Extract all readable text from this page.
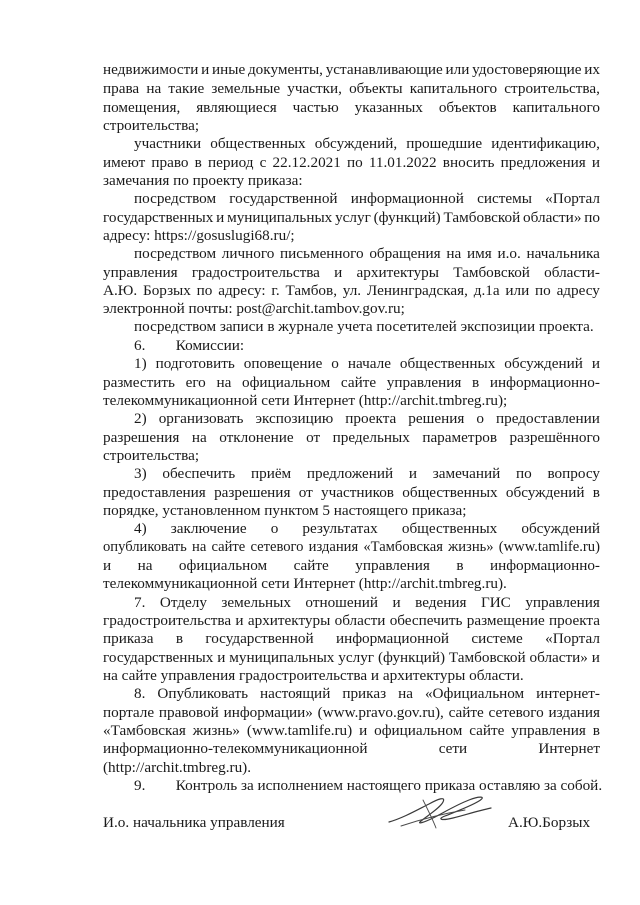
недвижимости и иные документы, устанавливающие или удостоверяющие их
права на такие земельные участки, объекты капитального строительства,
помещения, являющиеся частью указанных объектов капитального
строительства;
участники общественных обсуждений, прошедшие идентификацию,
имеют право в период с 22.12.2021 по 11.01.2022 вносить предложения и
замечания по проекту приказа:
посредством государственной информационной системы «Портал
государственных и муниципальных услуг (функций) Тамбовской области» по
адресу: https://gosuslugi68.ru/;
посредством личного письменного обращения на имя и.о. начальника
управления градостроительства и архитектуры Тамбовской области-
А.Ю. Борзых по адресу: г. Тамбов, ул. Ленинградская, д.1а или по адресу
электронной почты: post@archit.tambov.gov.ru;
посредством записи в журнале учета посетителей экспозиции проекта.
6.        Комиссии:
1) подготовить оповещение о начале общественных обсуждений и
разместить его на официальном сайте управления в информационно-
телекоммуникационной сети Интернет (http://archit.tmbreg.ru);
2) организовать экспозицию проекта решения о предоставлении
разрешения на отклонение от предельных параметров разрешённого
строительства;
3) обеспечить приём предложений и замечаний по вопросу
предоставления разрешения от участников общественных обсуждений в
порядке, установленном пунктом 5 настоящего приказа;
4) заключение о результатах общественных обсуждений
опубликовать на сайте сетевого издания «Тамбовская жизнь» (www.tamlife.ru)
и на официальном сайте управления в информационно-
телекоммуникационной сети Интернет (http://archit.tmbreg.ru).
7. Отделу земельных отношений и ведения ГИС управления
градостроительства и архитектуры области обеспечить размещение проекта
приказа в государственной информационной системе «Портал
государственных и муниципальных услуг (функций) Тамбовской области» и
на сайте управления градостроительства и архитектуры области.
8. Опубликовать настоящий приказ на «Официальном интернет-
портале правовой информации» (www.pravo.gov.ru), сайте сетевого издания
«Тамбовская жизнь» (www.tamlife.ru) и официальном сайте управления в
информационно-телекоммуникационной	сети	Интернет
(http://archit.tmbreg.ru).
9.        Контроль за исполнением настоящего приказа оставляю за собой.
И.о. начальника управления	А.Ю.Борзых
